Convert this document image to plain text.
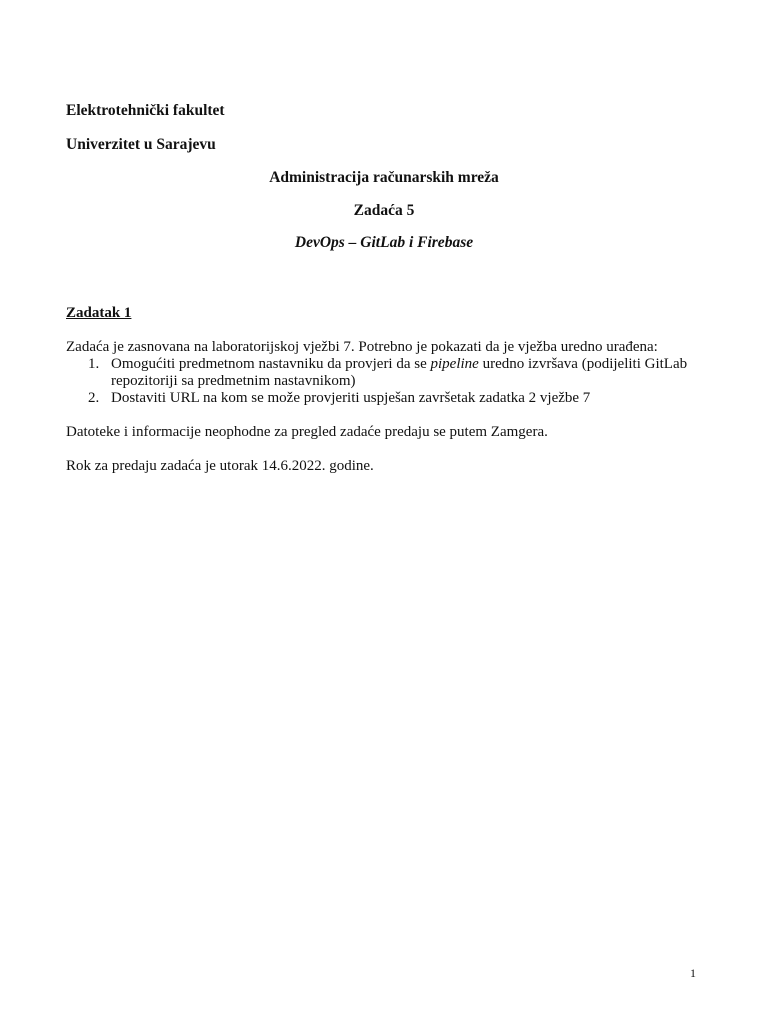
Elektrotehnički fakultet
Univerzitet u Sarajevu
Administracija računarskih mreža
Zadaća 5
DevOps – GitLab i Firebase
Zadatak 1
Zadaća je zasnovana na laboratorijskoj vježbi 7. Potrebno je pokazati da je vježba uredno urađena:
1. Omogućiti predmetnom nastavniku da provjeri da se pipeline uredno izvršava (podijeliti GitLab
repozitoriji sa predmetnim nastavnikom)
2. Dostaviti URL na kom se može provjeriti uspješan završetak zadatka 2 vježbe 7
Datoteke i informacije neophodne za pregled zadaće predaju se putem Zamgera.
Rok za predaju zadaća je utorak 14.6.2022. godine.
1
